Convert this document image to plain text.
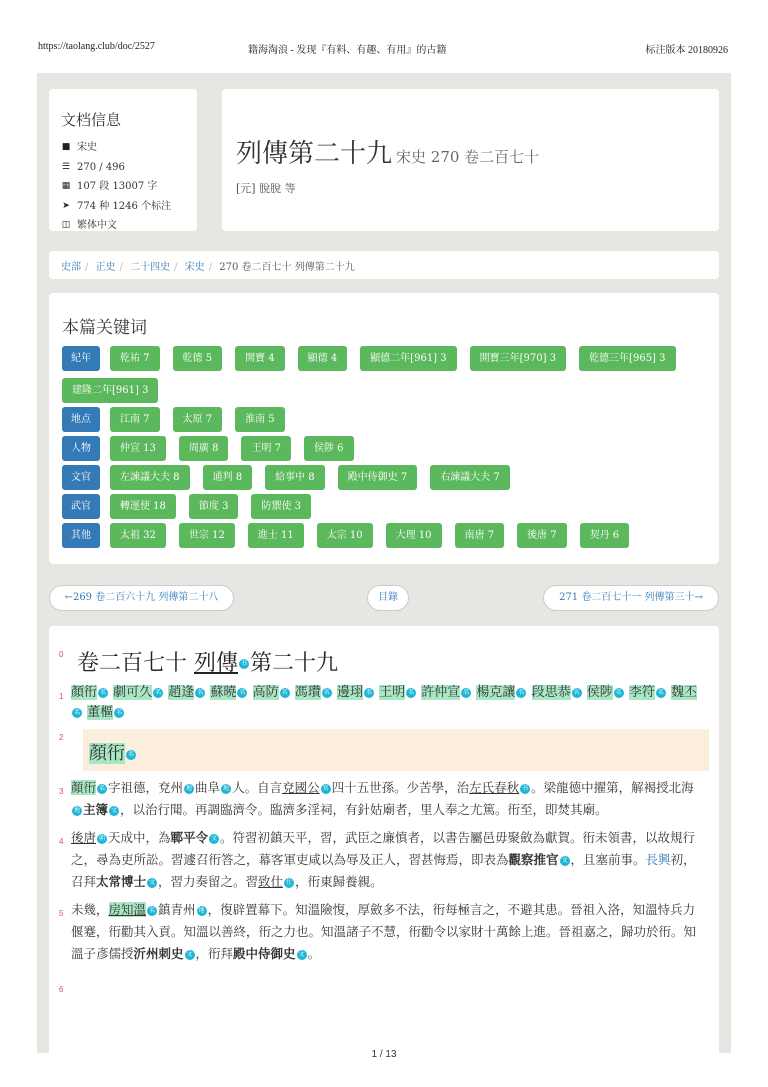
https://taolang.club/doc/2527	籍海淘浪 - 发现『有料、有趣、有用』的古籍	标注版本 20180926
文档信息
■ 宋史
☰ 270 / 496
▦ 107 段 13007 字
➤ 774 种 1246 个标注
◫ 繁体中文
列傳第二十九 宋史 270 卷二百七十
[元] 脫脫 等
史部 / 正史 / 二十四史 / 宋史 / 270 卷二百七十 列傳第二十九
本篇关键词
紀年	乾祐 7	乾德 5	開寶 4	顯德 4	顯德二年[961] 3	開寶三年[970] 3	乾德三年[965] 3
建隆二年[961] 3
地点	江南 7	太原 7	淮南 5
人物	仲宣 13	周廣 8	王明 7	侯陟 6
文官	左諫議大夫 8	通判 8	給事中 8	殿中侍御史 7	右諫議大夫 7
武官	轉運使 18	節度 3	防禦使 3
其他	太祖 32	世宗 12	進士 11	太宗 10	大理 10	南唐 7	後唐 7	契丹 6
←269 卷二百六十九 列傳第二十八	目錄	271 卷二百七十一 列傳第三十→
0 卷二百七十 列傳 书 第二十九
1 顏衎 名 劇可久 名 趙逢 名 蘇曉 名 高防 名 馮瓚 名 邊珝 名 王明 名 許仲宣 名 楊克讓 名 段思恭 名 侯陟 名 李符 名 魏丕名 董樞 名
2
顏衎 名
3 顏衎 名 字祖德，兗州 地 曲阜 地 人。自言兗國公 官 四十五世孫。少苦學，治左氏春秋 书 。梁龍德中擢第，解褐授北海地 主簿 文 ，以治行聞。再調臨濟令。臨濟多淫祠，有針姑廟者，里人奉之尤篤。衎至，即焚其廟。
4 後唐 朝 天成中，為鄆平令 文 。符習初鎮天平，習，武臣之廉慎者，以書告屬邑毋聚斂為獻賀。衎未領書，以故規行之，尋為吏所訟。習遽召衎答之，幕客軍吏咸以為辱及正人，習甚悔焉，即表為觀察推官 文 ，且塞前事。長興初，召拜太常博士 文 ，習力奏留之。習致仕 仕 ，衎東歸養親。
5 未幾，房知溫 名 鎮青州 地 ，復辟置幕下。知溫險愎，厚斂多不法，衎每極言之，不避其患。晉祖入洛，知溫恃兵力偃蹇，衎勸其入貢。知溫以善終，衎之力也。知溫諸子不慧，衎勸令以家財十萬餘上進。晉祖嘉之，歸功於衎。知溫子彥儒授沂州刺史 文 ，衎拜殿中侍御史 文 。
6
1 / 13
